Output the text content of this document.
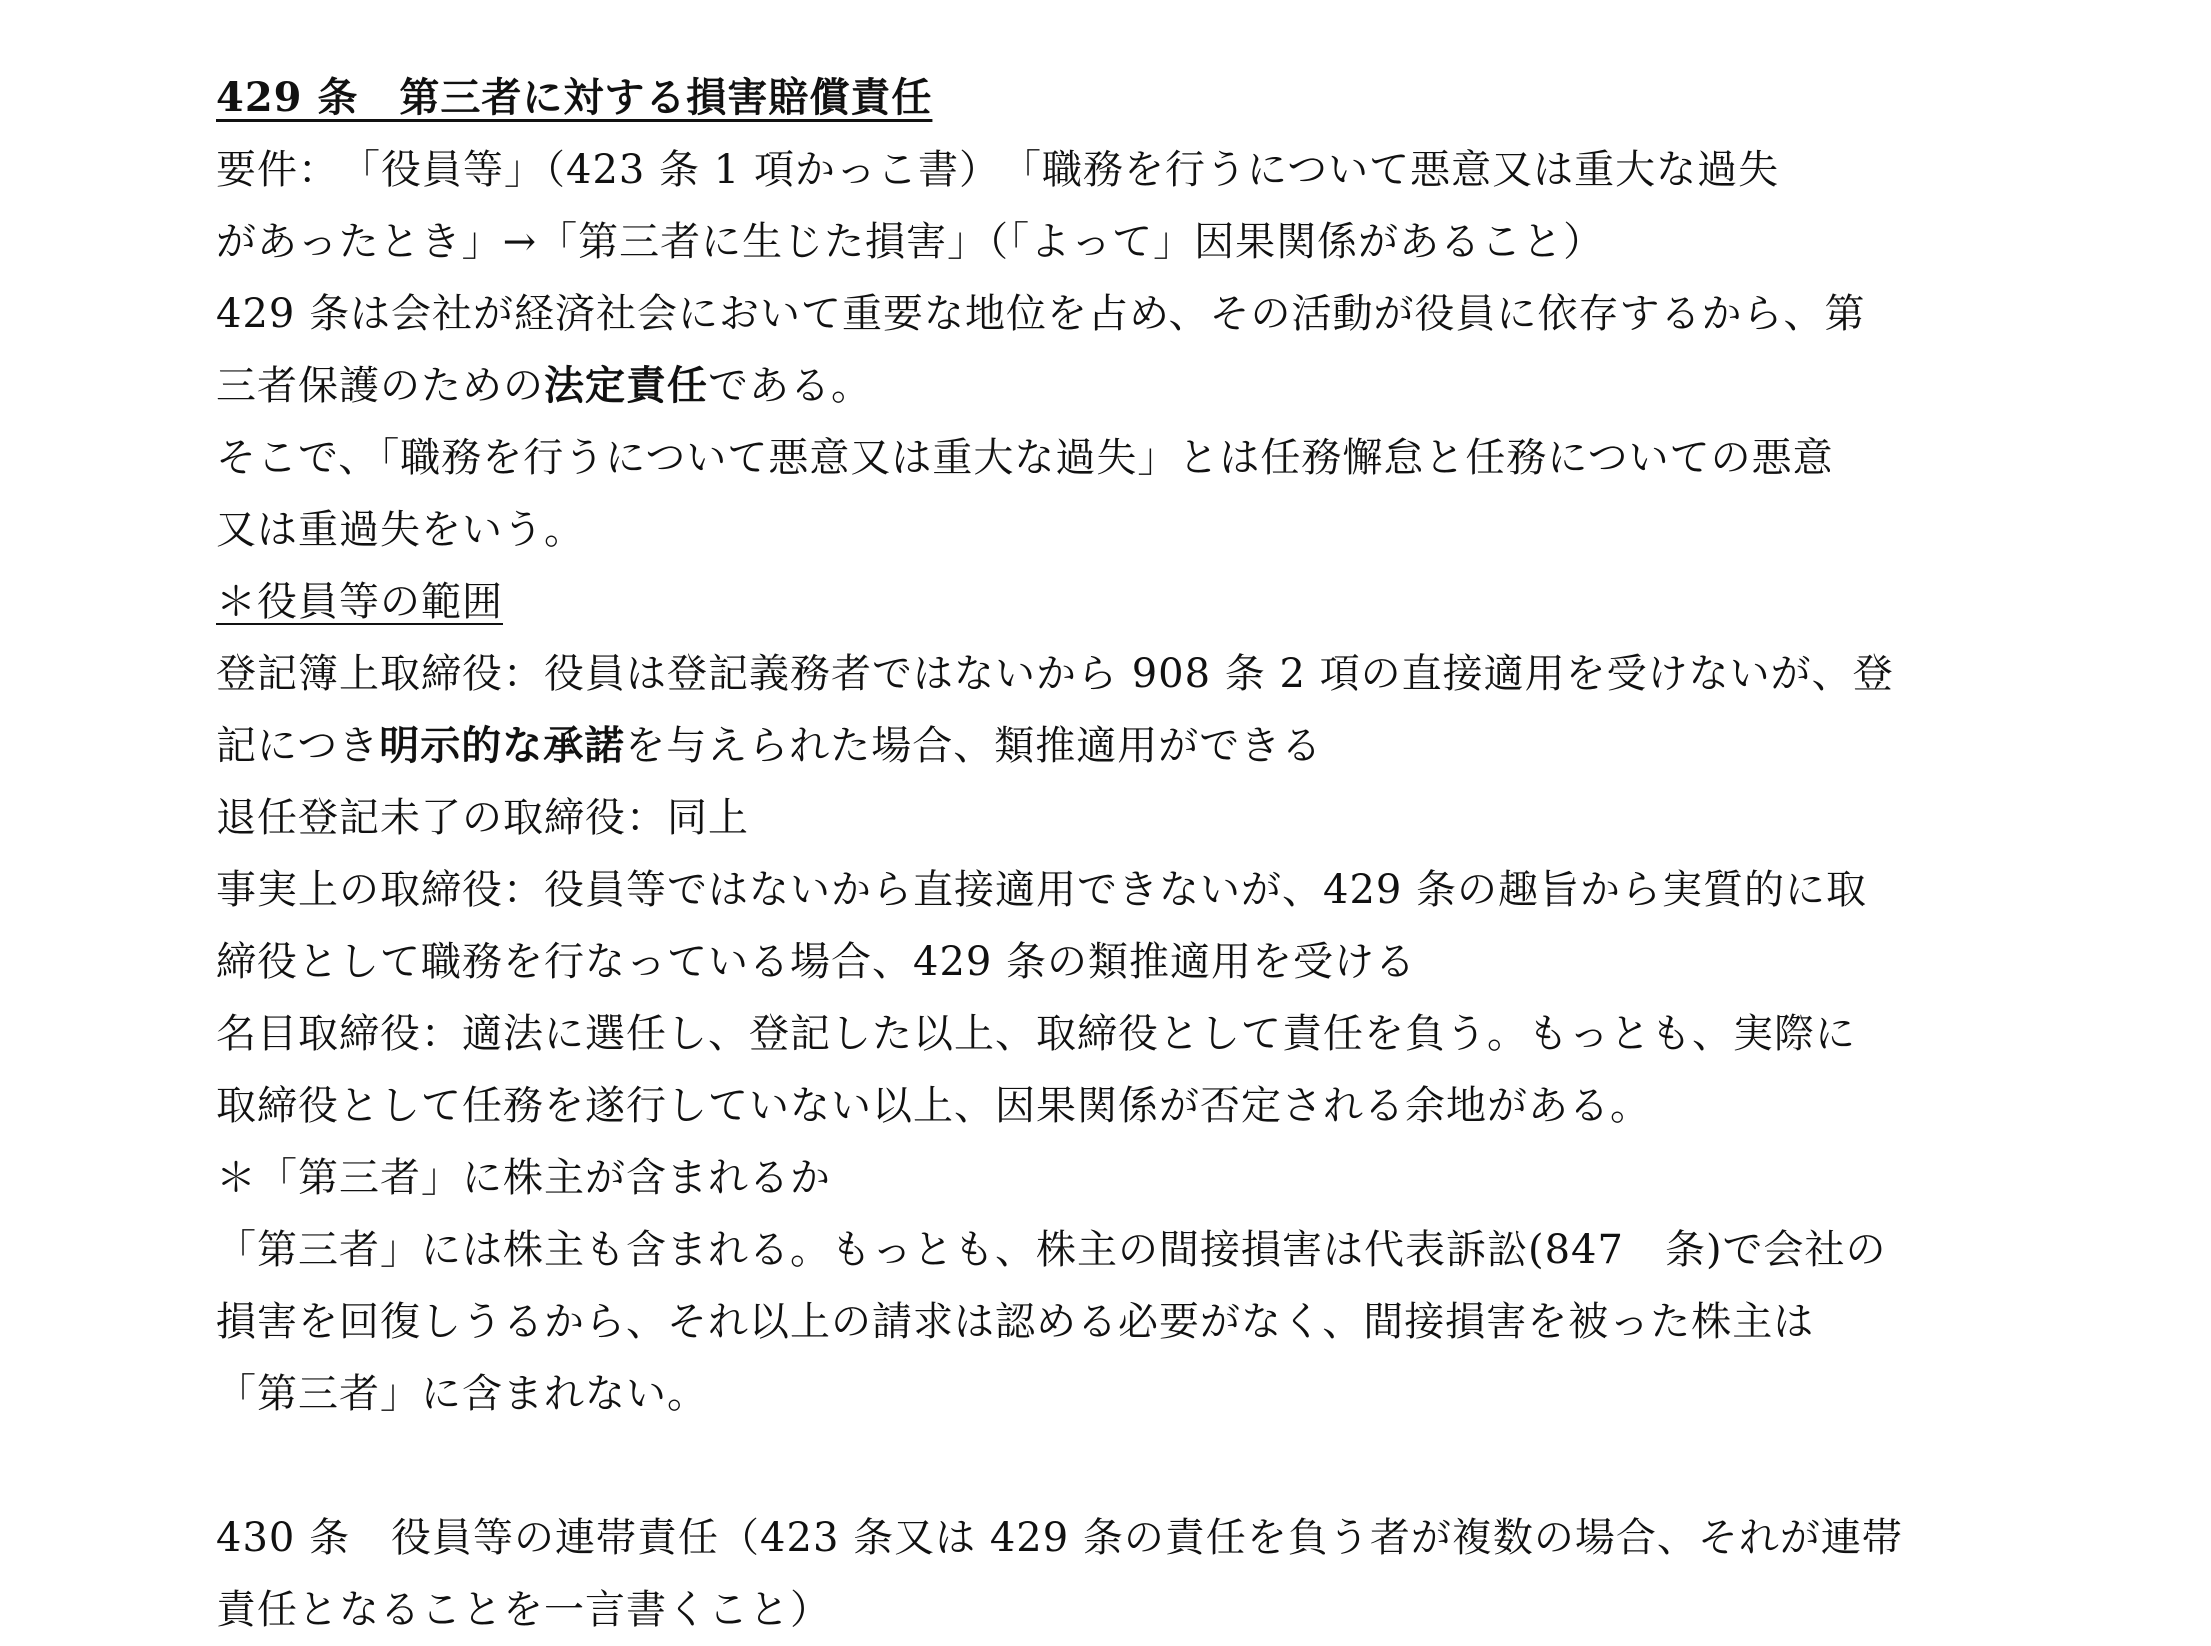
429 条　第三者に対する損害賠償責任
要件：　「役員等」（423 条 1 項かっこ書）　「職務を行うについて悪意又は重大な過失
があったとき」→「第三者に生じた損害」（「よって」因果関係があること）
429 条は会社が経済社会において重要な地位を占め、その活動が役員に依存するから、第
三者保護のための法定責任である。
そこで、「職務を行うについて悪意又は重大な過失」とは任務懈怠と任務についての悪意
又は重過失をいう。
＊役員等の範囲
登記簿上取締役：役員は登記義務者ではないから 908 条 2 項の直接適用を受けないが、登
記につき明示的な承諾を与えられた場合、類推適用ができる
退任登記未了の取締役：同上
事実上の取締役：役員等ではないから直接適用できないが、429 条の趣旨から実質的に取
締役として職務を行なっている場合、429 条の類推適用を受ける
名目取締役：適法に選任し、登記した以上、取締役として責任を負う。もっとも、実際に
取締役として任務を遂行していない以上、因果関係が否定される余地がある。
＊「第三者」に株主が含まれるか
「第三者」には株主も含まれる。もっとも、株主の間接損害は代表訴訟(847　条)で会社の
損害を回復しうるから、それ以上の請求は認める必要がなく、間接損害を被った株主は
「第三者」に含まれない。
430 条　役員等の連帯責任（423 条又は 429 条の責任を負う者が複数の場合、それが連帯
責任となることを一言書くこと）
